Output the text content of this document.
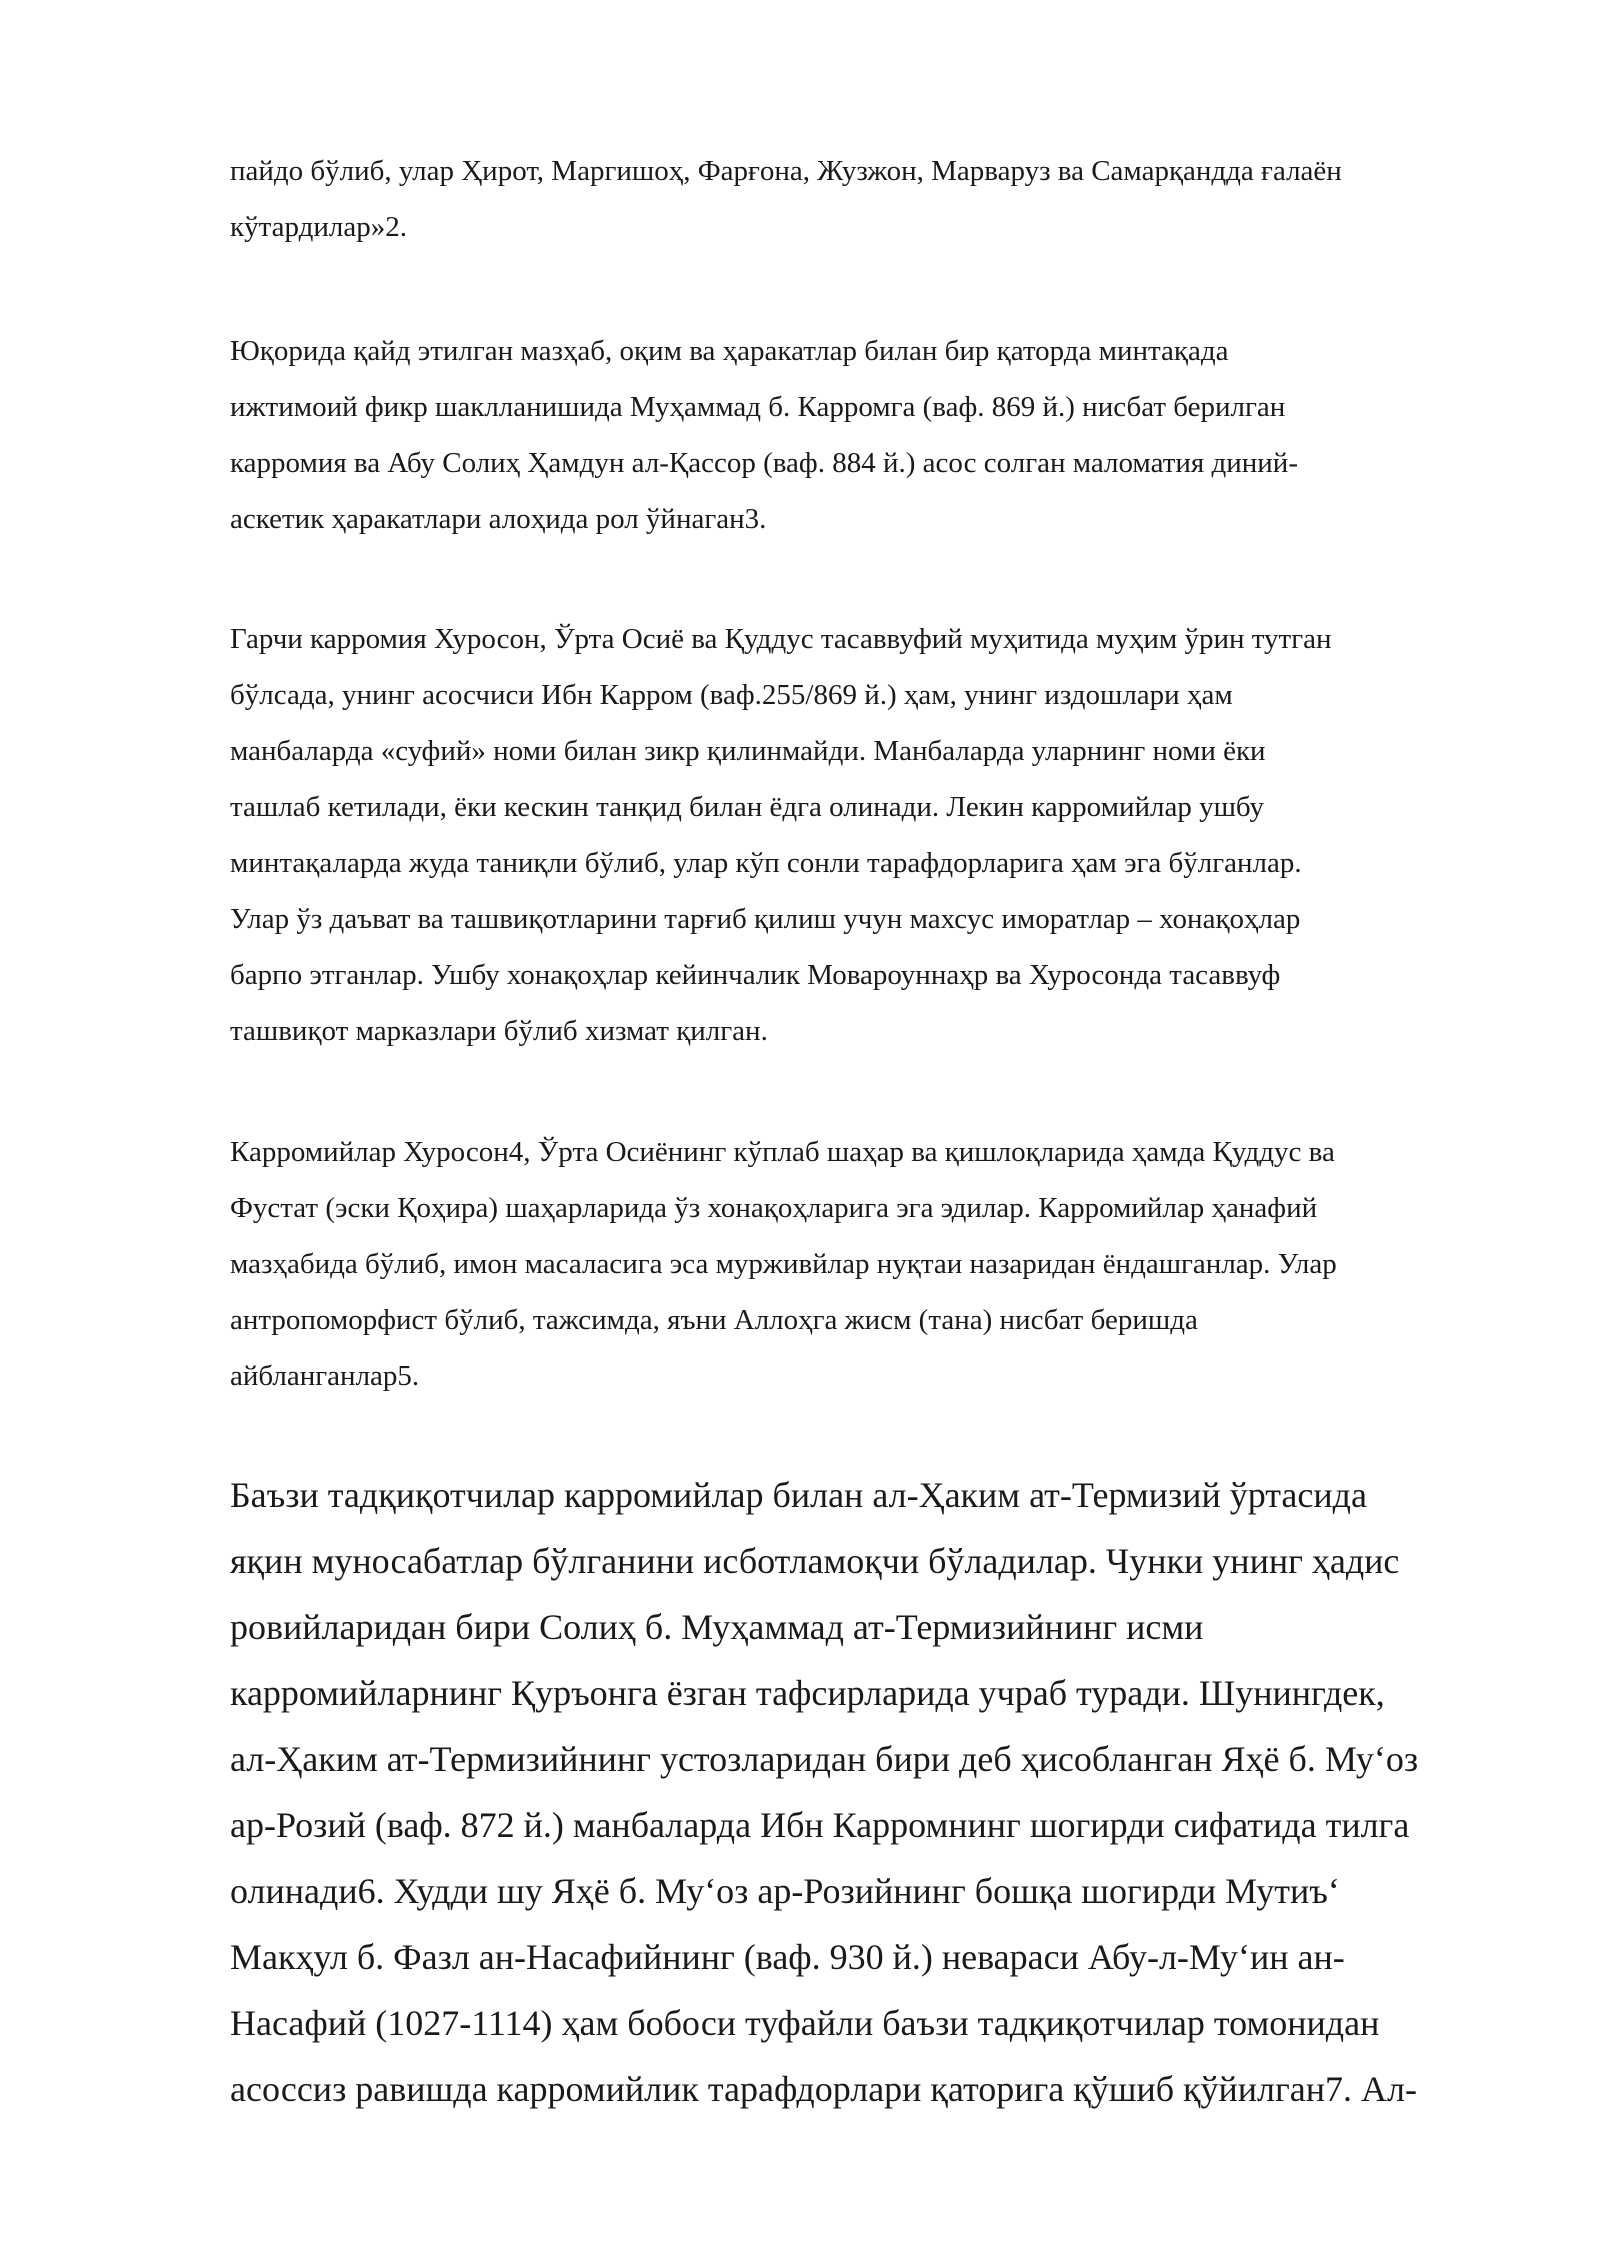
пайдо бўлиб, улар Ҳирот, Маргишоҳ, Фарғона, Жузжон, Марваруз ва Самарқандда ғалаён
кўтардилар»2.

Юқорида қайд этилган мазҳаб, оқим ва ҳаракатлар билан бир қаторда минтақада
ижтимоий фикр шаклланишида Муҳаммад б. Карромга (ваф. 869 й.) нисбат берилган
карромия ва Абу Солиҳ Ҳамдун ал-Қассор (ваф. 884 й.) асос солган маломатия диний-
аскетик ҳаракатлари алоҳида рол ўйнаган3.

Гарчи карромия Хуросон, Ўрта Осиё ва Қуддус тасаввуфий муҳитида муҳим ўрин тутган
бўлсада, унинг асосчиси Ибн Карром (ваф.255/869 й.) ҳам, унинг издошлари ҳам
манбаларда «суфий» номи билан зикр қилинмайди. Манбаларда уларнинг номи ёки
ташлаб кетилади, ёки кескин танқид билан ёдга олинади. Лекин карромийлар ушбу
минтақаларда жуда таниқли бўлиб, улар кўп сонли тарафдорларига ҳам эга бўлганлар.
Улар ўз даъват ва ташвиқотларини тарғиб қилиш учун махсус иморатлар – хонақоҳлар
барпо этганлар. Ушбу хонақоҳлар кейинчалик Мовароуннаҳр ва Хуросонда тасаввуф
ташвиқот марказлари бўлиб хизмат қилган.

Карромийлар Хуросон4, Ўрта Осиёнинг кўплаб шаҳар ва қишлоқларида ҳамда Қуддус ва
Фустат (эски Қоҳира) шаҳарларида ўз хонақоҳларига эга эдилар. Карромийлар ҳанафий
мазҳабида бўлиб, имон масаласига эса мурживйлар нуқтаи назаридан ёндашганлар. Улар
антропоморфист бўлиб, тажсимда, яъни Аллоҳга жисм (тана) нисбат беришда
айбланганлар5.

Баъзи тадқиқотчилар карромийлар билан ал-Ҳаким ат-Термизий ўртасида
яқин муносабатлар бўлганини исботламоқчи бўладилар. Чунки унинг ҳадис
ровийларидан бири Солиҳ б. Муҳаммад ат-Термизийнинг исми
карромийларнинг Қуръонга ёзган тафсирларида учраб туради. Шунингдек,
ал-Ҳаким ат-Термизийнинг устозларидан бири деб ҳисобланган Яҳё б. Муʻоз
ар-Розий (ваф. 872 й.) манбаларда Ибн Карромнинг шогирди сифатида тилга
олинади6. Худди шу Яҳё б. Муʻоз ар-Розийнинг бошқа шогирди Мутиъʻ
Макҳул б. Фазл ан-Насафийнинг (ваф. 930 й.) невараси Абу-л-Муʻин ан-
Насафий (1027-1114) ҳам бобоси туфайли баъзи тадқиқотчилар томонидан
асоссиз равишда карромийлик тарафдорлари қаторига қўшиб қўйилган7. Ал-
